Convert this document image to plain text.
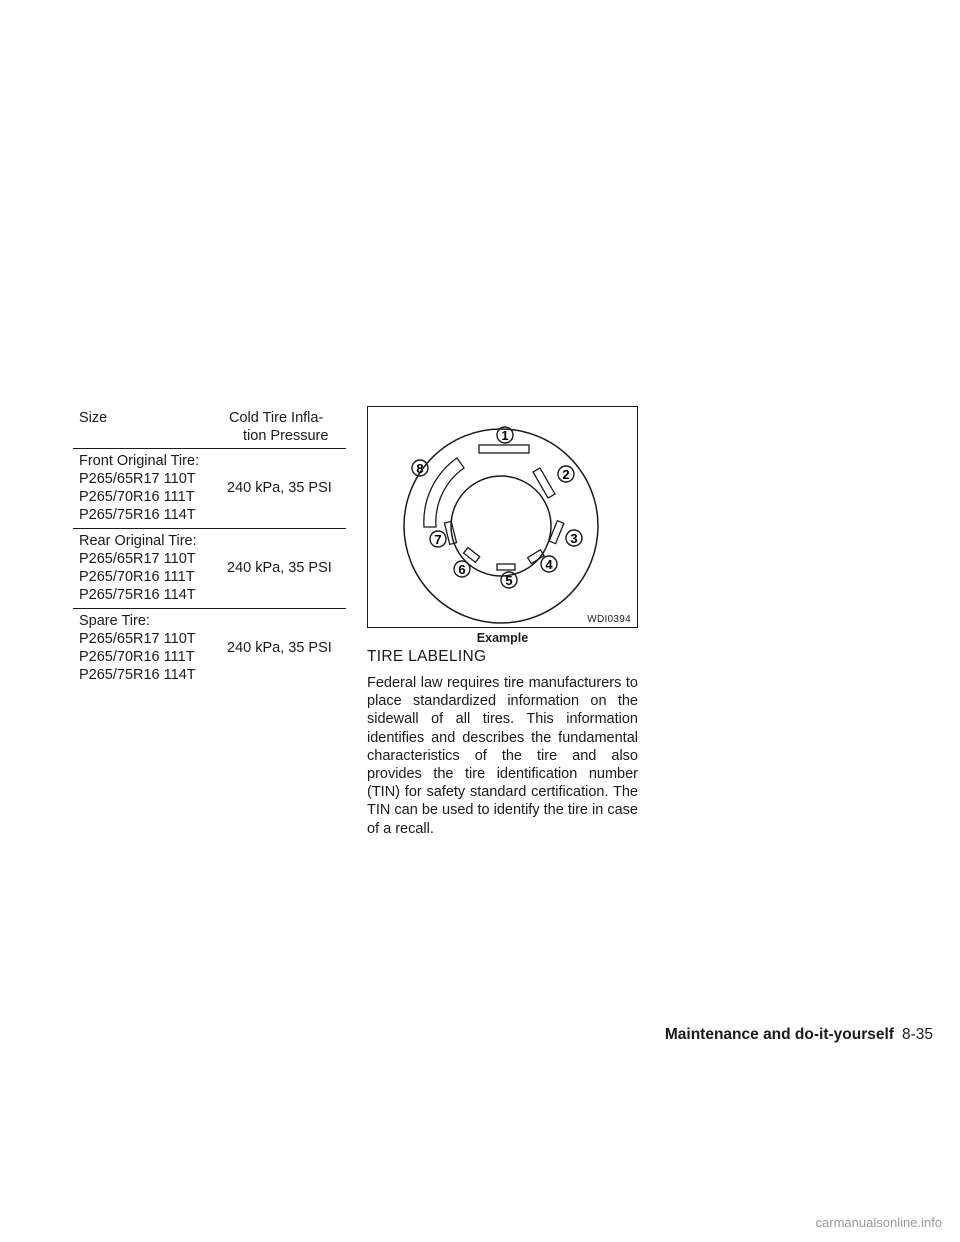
Size	Cold Tire Infla-
tion Pressure

Front Original Tire:
P265/65R17 110T
P265/70R16 111T
P265/75R16 114T	240 kPa, 35 PSI

Rear Original Tire:
P265/65R17 110T
P265/70R16 111T
P265/75R16 114T	240 kPa, 35 PSI

Spare Tire:
P265/65R17 110T
P265/70R16 111T
P265/75R16 114T	240 kPa, 35 PSI
1
2
3
4
5
6
7
8
WDI0394
Example
TIRE LABELING
Federal law requires tire manufacturers to place standardized information on the sidewall of all tires. This information identifies and describes the fundamental characteristics of the tire and also provides the tire identification number (TIN) for safety standard certification. The TIN can be used to identify the tire in case of a recall.
Maintenance and do-it-yourself 8-35
carmanualsonline.info
